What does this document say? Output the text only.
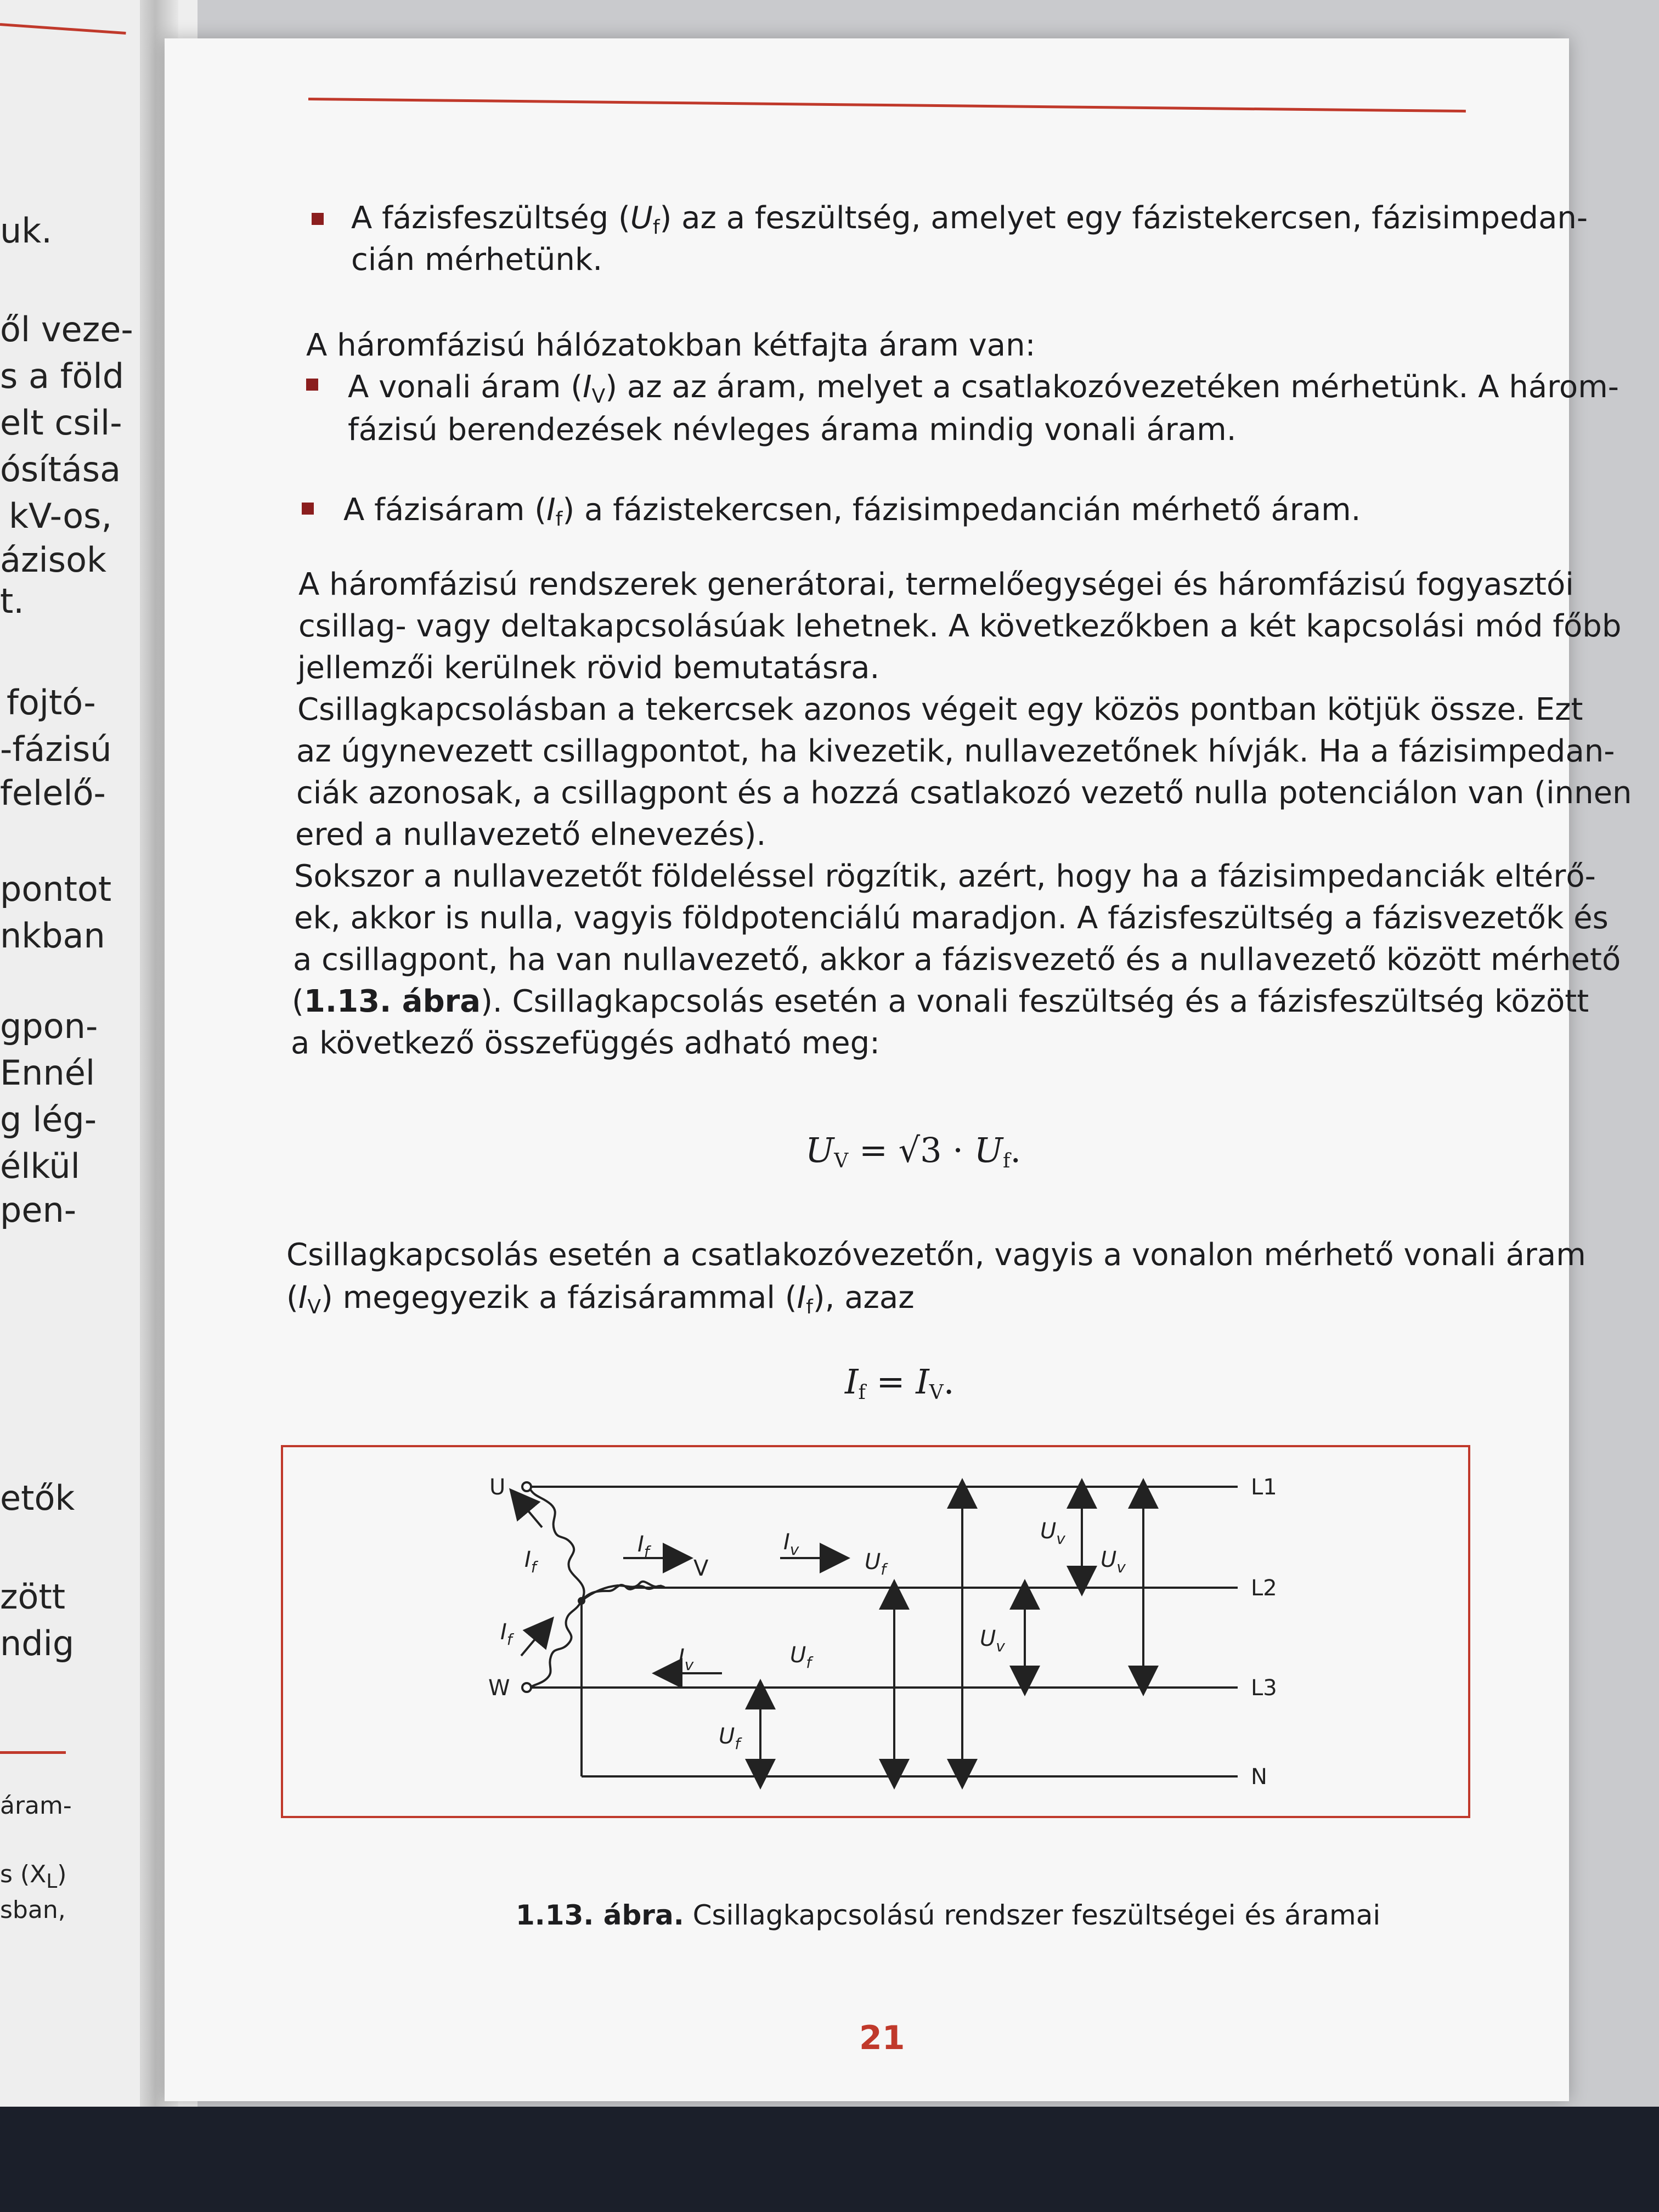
uk.
ől veze-
s a föld
elt csil-
ósítása
kV-os,
ázisok
t.
fojtó-
-fázisú
felelő-
pontot
nkban
gpon-
Ennél
g lég-
élkül
pen-
etők
zött
ndig
áram-
s $(X_L)$
sban,
A fázisfeszültség $(U_f)$ az a feszültség, amelyet egy fázistekercsen, fázisimpedan-
cián mérhetünk.
A háromfázisú hálózatokban kétfajta áram van:
A vonali áram $(I_V)$ az az áram, melyet a csatlakozóvezetéken mérhetünk. A három-
fázisú berendezések névleges árama mindig vonali áram.
A fázisáram $(I_f)$ a fázistekercsen, fázisimpedancián mérhető áram.
A háromfázisú rendszerek generátorai, termelőegységei és háromfázisú fogyasztói
csillag- vagy deltakapcsolásúak lehetnek. A következőkben a két kapcsolási mód főbb
jellemzői kerülnek rövid bemutatásra.
Csillagkapcsolásban a tekercsek azonos végeit egy közös pontban kötjük össze. Ezt
az úgynevezett csillagpontot, ha kivezetik, nullavezetőnek hívják. Ha a fázisimpedan-
ciák azonosak, a csillagpont és a hozzá csatlakozó vezető nulla potenciálon van (innen
ered a nullavezető elnevezés).
Sokszor a nullavezetőt földeléssel rögzítik, azért, hogy ha a fázisimpedanciák eltérő-
ek, akkor is nulla, vagyis földpotenciálú maradjon. A fázisfeszültség a fázisvezetők és
a csillagpont, ha van nullavezető, akkor a fázisvezető és a nullavezető között mérhető
(1.13. ábra). Csillagkapcsolás esetén a vonali feszültség és a fázisfeszültség között
a következő összefüggés adható meg:
$U_V = √3 \cdot U_f$.
Csillagkapcsolás esetén a csatlakozóvezetőn, vagyis a vonalon mérhető vonali áram
$(I_V)$ megegyezik a fázisárammal $(I_f)$, azaz
$I_f = I_V$.
L1
L2
L3
N
U
V
W
$I_f$
$I_f$
$I_f$	$I_v$
$I_v$
$U_f$
$U_f$
$U_f$
$U_v$
$U_v$
$U_v$
1.13. ábra. Csillagkapcsolású rendszer feszültségei és áramai
21
